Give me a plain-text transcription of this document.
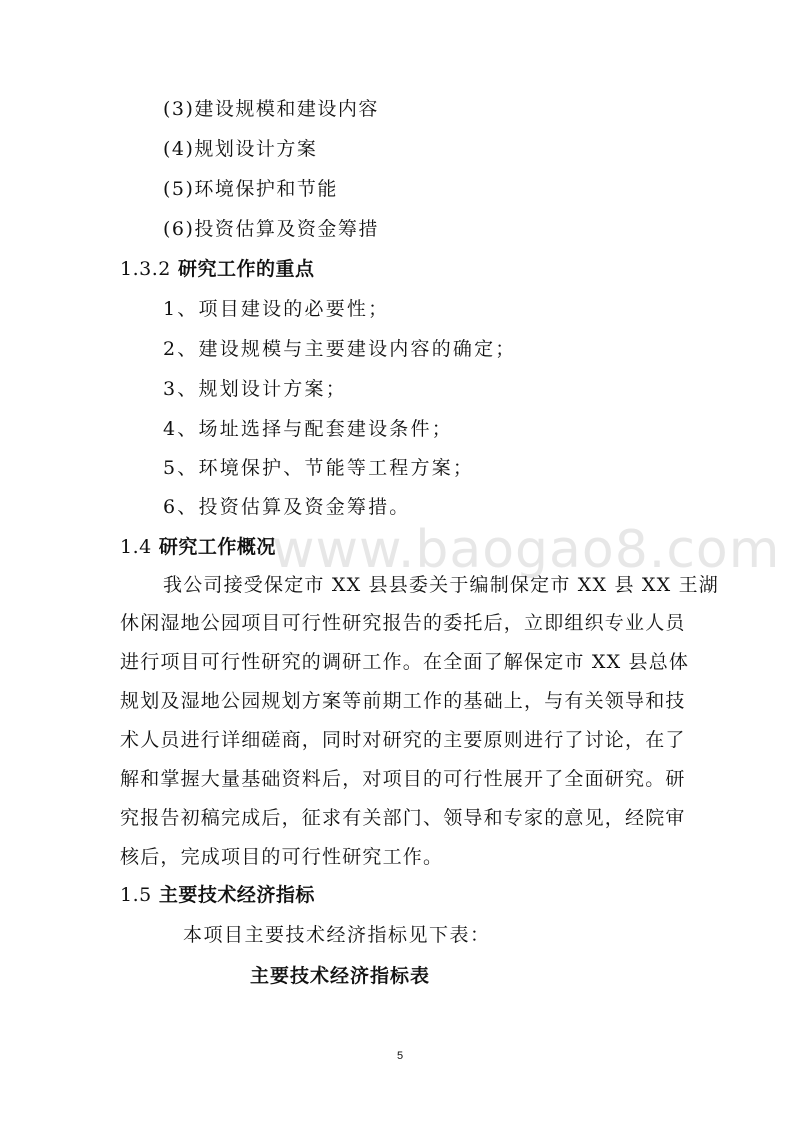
www.baogao8.com
(3)建设规模和建设内容
(4)规划设计方案
(5)环境保护和节能
(6)投资估算及资金筹措
1.3.2 研究工作的重点
1、项目建设的必要性；
2、建设规模与主要建设内容的确定；
3、规划设计方案；
4、场址选择与配套建设条件；
5、环境保护、节能等工程方案；
6、投资估算及资金筹措。
1.4 研究工作概况
我公司接受保定市 XX 县县委关于编制保定市 XX 县 XX 王湖
休闲湿地公园项目可行性研究报告的委托后，立即组织专业人员
进行项目可行性研究的调研工作。在全面了解保定市 XX 县总体
规划及湿地公园规划方案等前期工作的基础上，与有关领导和技
术人员进行详细磋商，同时对研究的主要原则进行了讨论，在了
解和掌握大量基础资料后，对项目的可行性展开了全面研究。研
究报告初稿完成后，征求有关部门、领导和专家的意见，经院审
核后，完成项目的可行性研究工作。
1.5 主要技术经济指标
本项目主要技术经济指标见下表：
主要技术经济指标表
5
